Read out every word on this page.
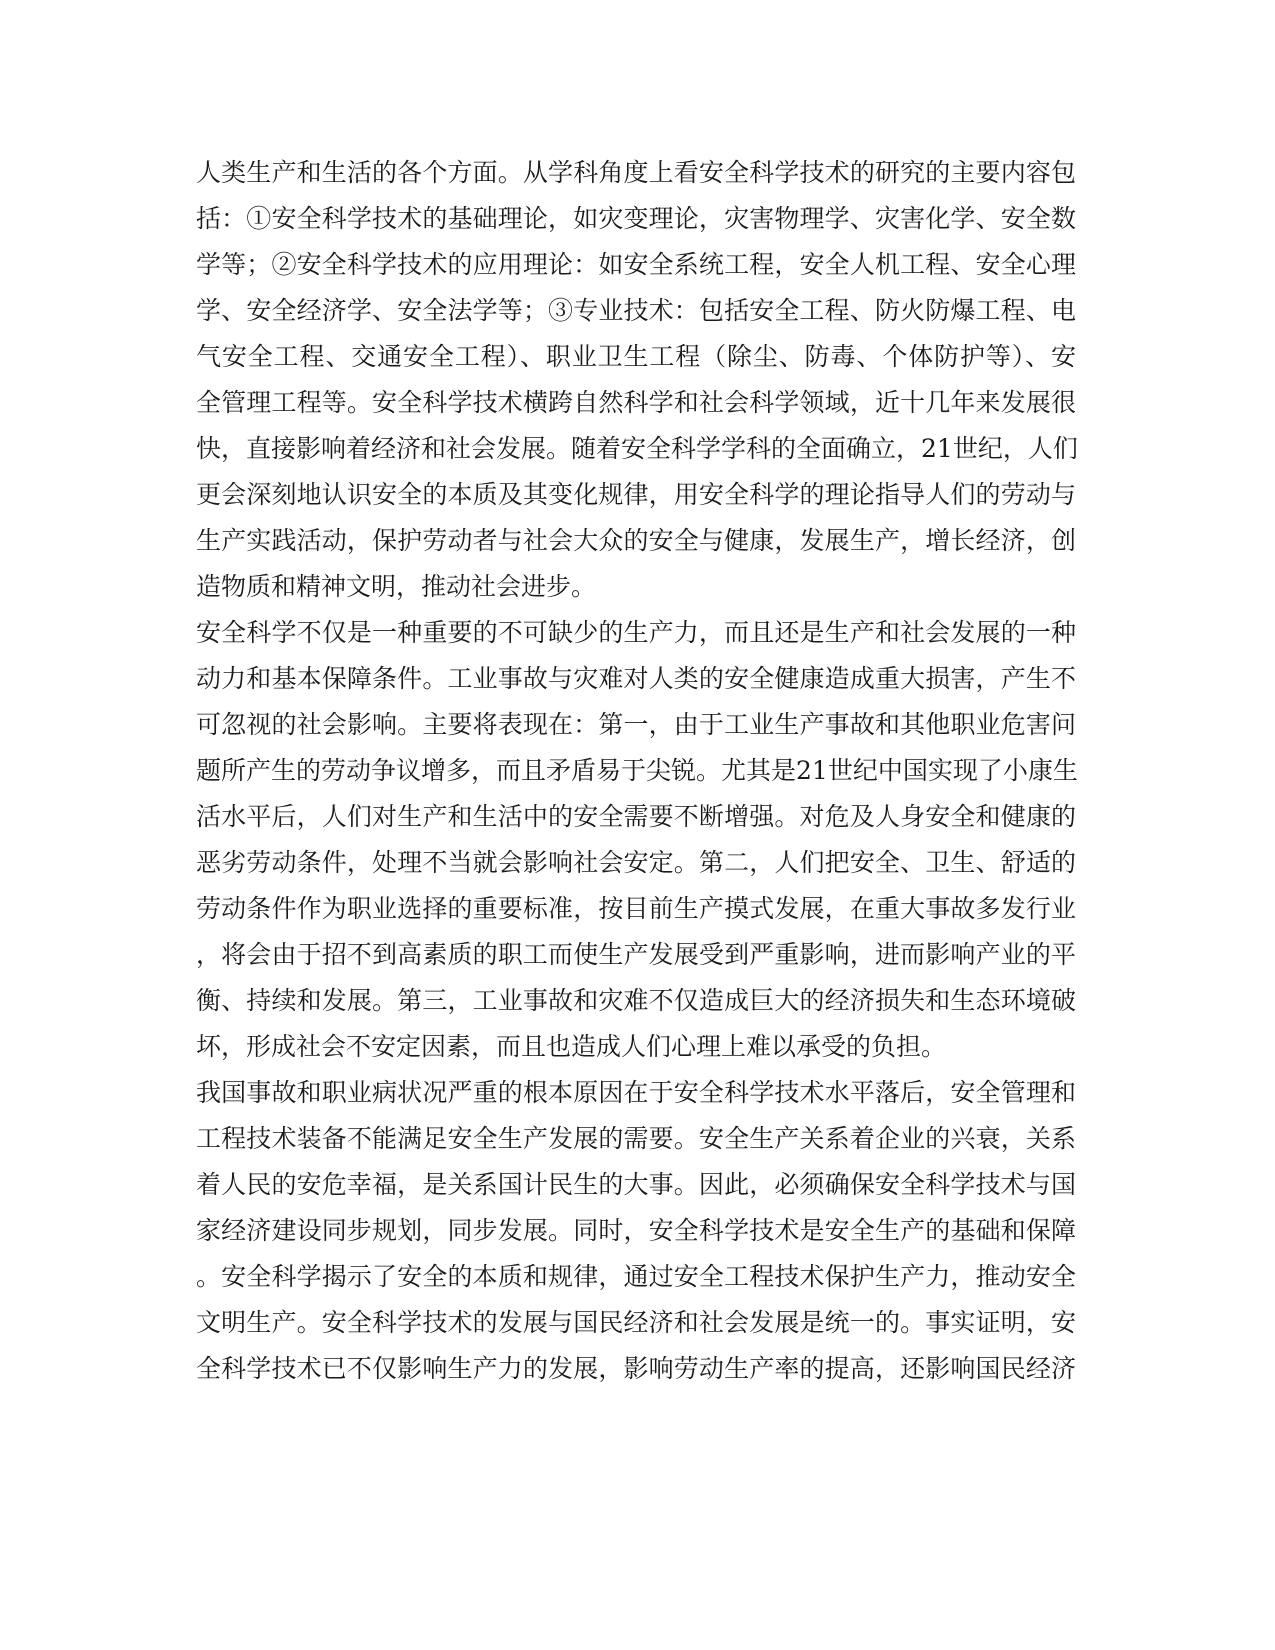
人类生产和生活的各个方面。从学科角度上看安全科学技术的研究的主要内容包
括：①安全科学技术的基础理论，如灾变理论，灾害物理学、灾害化学、安全数
学等；②安全科学技术的应用理论：如安全系统工程，安全人机工程、安全心理
学、安全经济学、安全法学等；③专业技术：包括安全工程、防火防爆工程、电
气安全工程、交通安全工程）、职业卫生工程（除尘、防毒、个体防护等）、安
全管理工程等。安全科学技术横跨自然科学和社会科学领域，近十几年来发展很
快，直接影响着经济和社会发展。随着安全科学学科的全面确立，21世纪，人们
更会深刻地认识安全的本质及其变化规律，用安全科学的理论指导人们的劳动与
生产实践活动，保护劳动者与社会大众的安全与健康，发展生产，增长经济，创
造物质和精神文明，推动社会进步。
安全科学不仅是一种重要的不可缺少的生产力，而且还是生产和社会发展的一种
动力和基本保障条件。工业事故与灾难对人类的安全健康造成重大损害，产生不
可忽视的社会影响。主要将表现在：第一，由于工业生产事故和其他职业危害问
题所产生的劳动争议增多，而且矛盾易于尖锐。尤其是21世纪中国实现了小康生
活水平后，人们对生产和生活中的安全需要不断增强。对危及人身安全和健康的
恶劣劳动条件，处理不当就会影响社会安定。第二，人们把安全、卫生、舒适的
劳动条件作为职业选择的重要标准，按目前生产摸式发展，在重大事故多发行业
，将会由于招不到高素质的职工而使生产发展受到严重影响，进而影响产业的平
衡、持续和发展。第三，工业事故和灾难不仅造成巨大的经济损失和生态环境破
坏，形成社会不安定因素，而且也造成人们心理上难以承受的负担。
我国事故和职业病状况严重的根本原因在于安全科学技术水平落后，安全管理和
工程技术装备不能满足安全生产发展的需要。安全生产关系着企业的兴衰，关系
着人民的安危幸福，是关系国计民生的大事。因此，必须确保安全科学技术与国
家经济建设同步规划，同步发展。同时，安全科学技术是安全生产的基础和保障
。安全科学揭示了安全的本质和规律，通过安全工程技术保护生产力，推动安全
文明生产。安全科学技术的发展与国民经济和社会发展是统一的。事实证明，安
全科学技术已不仅影响生产力的发展，影响劳动生产率的提高，还影响国民经济
